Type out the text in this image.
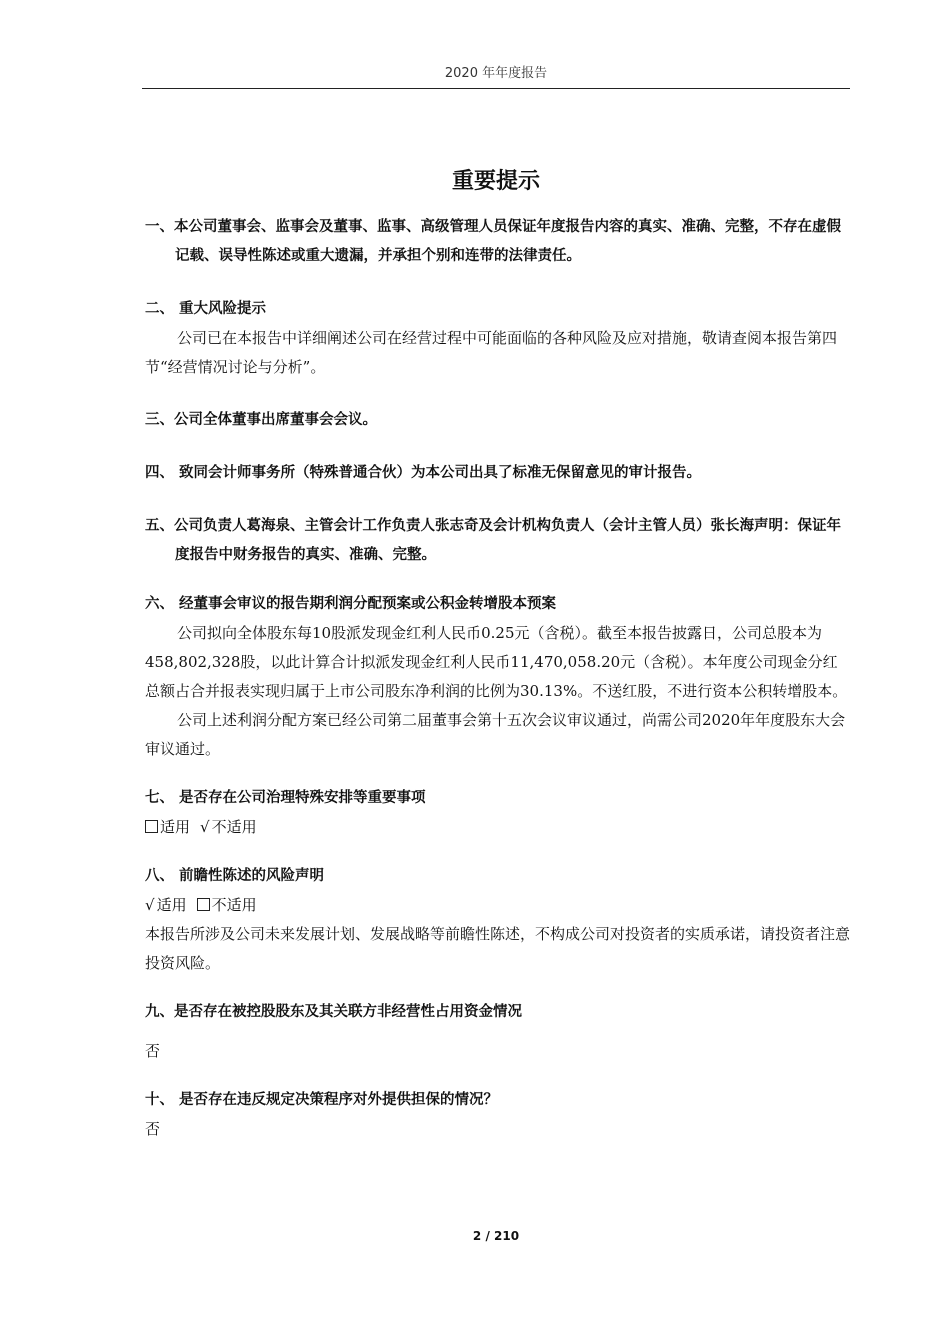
2020 年年度报告
重要提示

一、本公司董事会、监事会及董事、监事、高级管理人员保证年度报告内容的真实、准确、完整，不存在虚假记载、误导性陈述或重大遗漏，并承担个别和连带的法律责任。

二、 重大风险提示

公司已在本报告中详细阐述公司在经营过程中可能面临的各种风险及应对措施，敬请查阅本报告第四节“经营情况讨论与分析”。

三、公司全体董事出席董事会会议。

四、 致同会计师事务所（特殊普通合伙）为本公司出具了标准无保留意见的审计报告。

五、公司负责人葛海泉、主管会计工作负责人张志奇及会计机构负责人（会计主管人员）张长海声明：保证年度报告中财务报告的真实、准确、完整。

六、 经董事会审议的报告期利润分配预案或公积金转增股本预案

公司拟向全体股东每10股派发现金红利人民币0.25元（含税）。截至本报告披露日，公司总股本为458,802,328股，以此计算合计拟派发现金红利人民币11,470,058.20元（含税）。本年度公司现金分红总额占合并报表实现归属于上市公司股东净利润的比例为30.13%。不送红股，不进行资本公积转增股本。

公司上述利润分配方案已经公司第二届董事会第十五次会议审议通过，尚需公司2020年年度股东大会审议通过。

七、 是否存在公司治理特殊安排等重要事项

适用 √ 不适用

八、 前瞻性陈述的风险声明

√ 适用	不适用

本报告所涉及公司未来发展计划、发展战略等前瞻性陈述，不构成公司对投资者的实质承诺，请投资者注意投资风险。

九、是否存在被控股股东及其关联方非经营性占用资金情况

否

十、 是否存在违反规定决策程序对外提供担保的情况？

否

2 / 210
